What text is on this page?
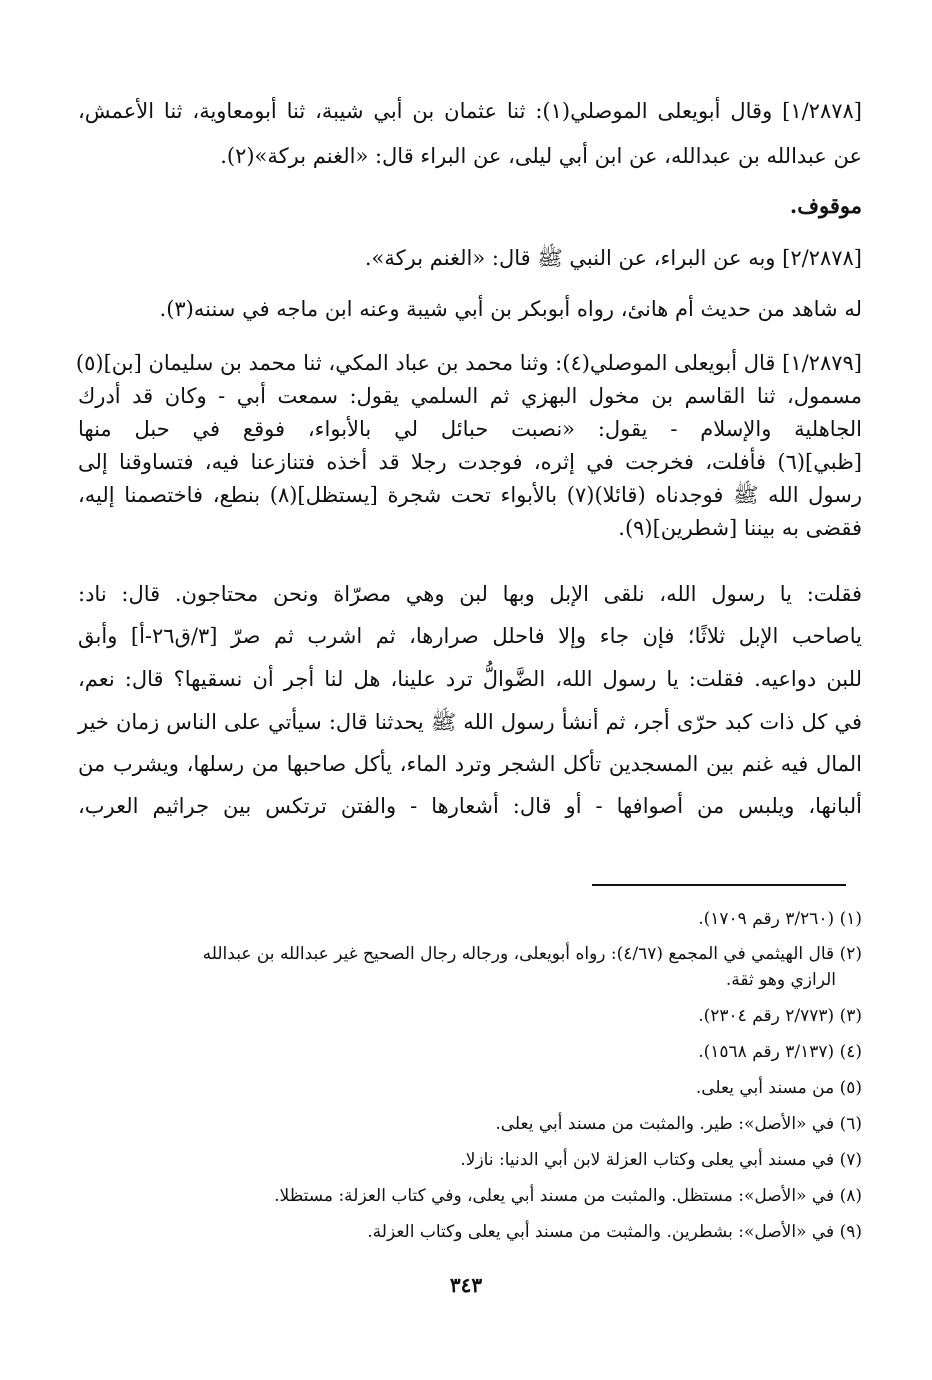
[١/٢٨٧٨] وقال أبويعلى الموصلي(١): ثنا عثمان بن أبي شيبة، ثنا أبومعاوية، ثنا الأعمش،
عن عبدالله بن عبدالله، عن ابن أبي ليلى، عن البراء قال: «الغنم بركة»(٢).
موقوف.
[٢/٢٨٧٨] وبه عن البراء، عن النبي ﷺ قال: «الغنم بركة».
له شاهد من حديث أم هانئ، رواه أبوبكر بن أبي شيبة وعنه ابن ماجه في سننه(٣).
[١/٢٨٧٩] قال أبويعلى الموصلي(٤): وثنا محمد بن عباد المكي، ثنا محمد بن سليمان [بن](٥)
مسمول، ثنا القاسم بن مخول البهزي ثم السلمي يقول: سمعت أبي - وكان قد أدرك
الجاهلية والإسلام - يقول: «نصبت حبائل لي بالأبواء، فوقع في حبل منها
[ظبي](٦) فأفلت، فخرجت في إثره، فوجدت رجلا قد أخذه فتنازعنا فيه، فتساوقنا إلى
رسول الله ﷺ فوجدناه (قائلا)(٧) بالأبواء تحت شجرة [يستظل](٨) بنطع، فاختصمنا إليه،
فقضى به بيننا [شطرين](٩).
فقلت: يا رسول الله، نلقى الإبل وبها لبن وهي مصرّاة ونحن محتاجون. قال: ناد:
ياصاحب الإبل ثلاثًا؛ فإن جاء وإلا فاحلل صرارها، ثم اشرب ثم صرّ [٣/ق٢٦-أ] وأبق
للبن دواعيه. فقلت: يا رسول الله، الضَّوالُّ ترد علينا، هل لنا أجر أن نسقيها؟ قال: نعم،
في كل ذات كبد حرّى أجر، ثم أنشأ رسول الله ﷺ يحدثنا قال: سيأتي على الناس زمان خير
المال فيه غنم بين المسجدين تأكل الشجر وترد الماء، يأكل صاحبها من رسلها، ويشرب من
ألبانها، ويلبس من أصوافها - أو قال: أشعارها - والفتن ترتكس بين جراثيم العرب،
(١) (٣/٢٦٠ رقم ١٧٠٩).
(٢) قال الهيثمي في المجمع (٤/٦٧): رواه أبويعلى، ورجاله رجال الصحيح غير عبدالله بن عبدالله
الرازي وهو ثقة.
(٣) (٢/٧٧٣ رقم ٢٣٠٤).
(٤) (٣/١٣٧ رقم ١٥٦٨).
(٥) من مسند أبي يعلى.
(٦) في «الأصل»: طير. والمثبت من مسند أبي يعلى.
(٧) في مسند أبي يعلى وكتاب العزلة لابن أبي الدنيا: نازلا.
(٨) في «الأصل»: مستظل. والمثبت من مسند أبي يعلى، وفي كتاب العزلة: مستظلا.
(٩) في «الأصل»: بشطرين. والمثبت من مسند أبي يعلى وكتاب العزلة.
٣٤٣
